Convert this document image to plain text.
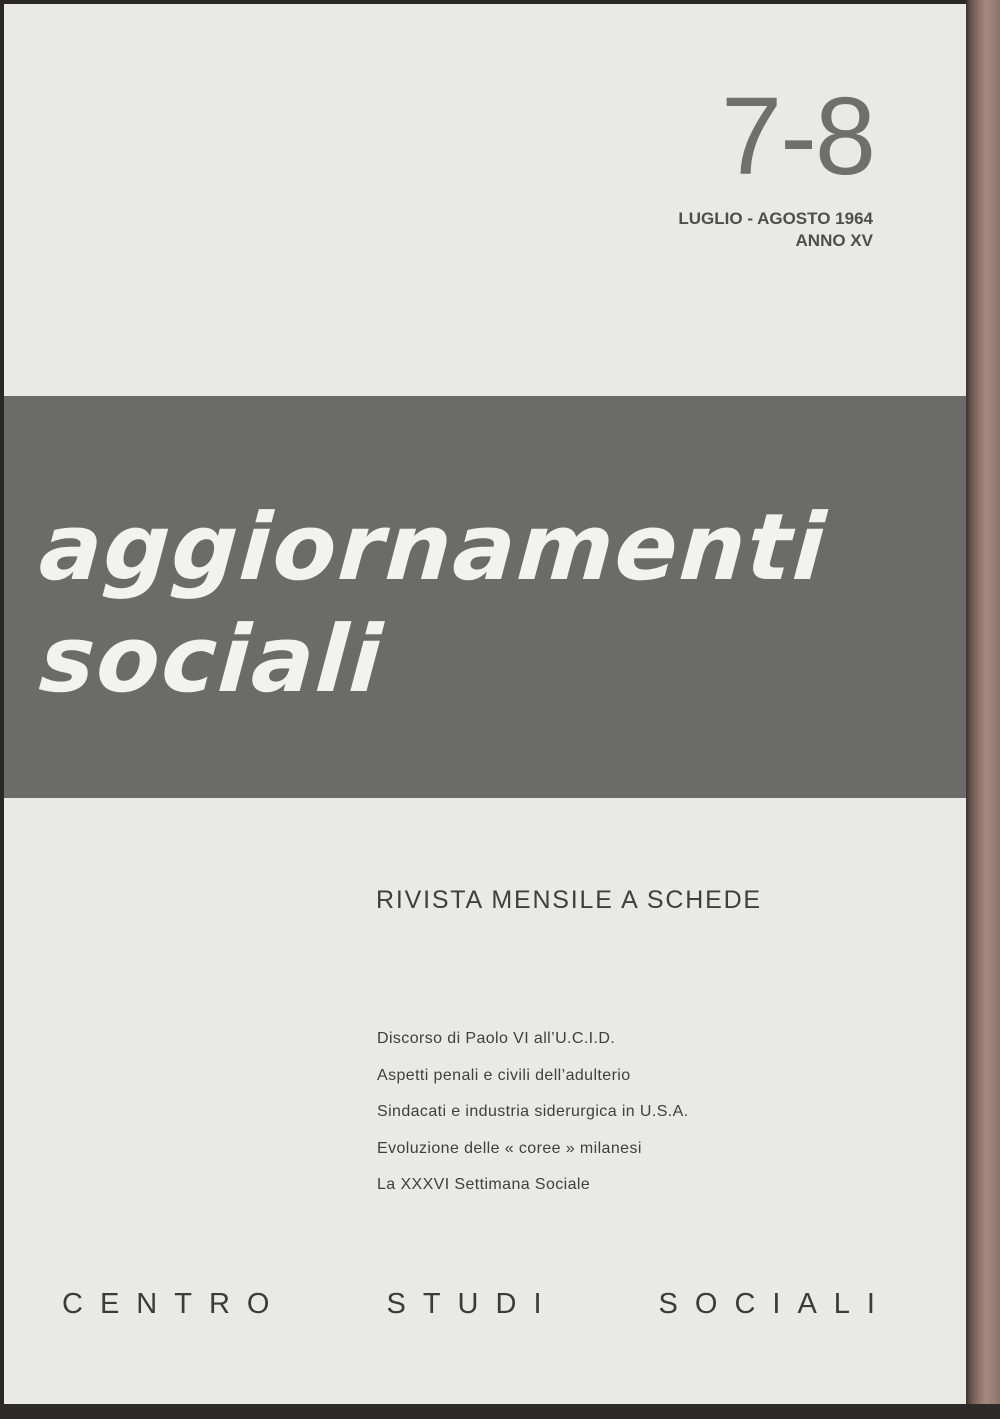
7-8
LUGLIO - AGOSTO 1964
ANNO XV
aggiornamenti
sociali

RIVISTA MENSILE A SCHEDE

Discorso di Paolo VI all’U.C.I.D.
Aspetti penali e civili dell’adulterio
Sindacati e industria siderurgica in U.S.A.
Evoluzione delle « coree » milanesi
La XXXVI Settimana Sociale
CENTRO	STUDI	SOCIALI
